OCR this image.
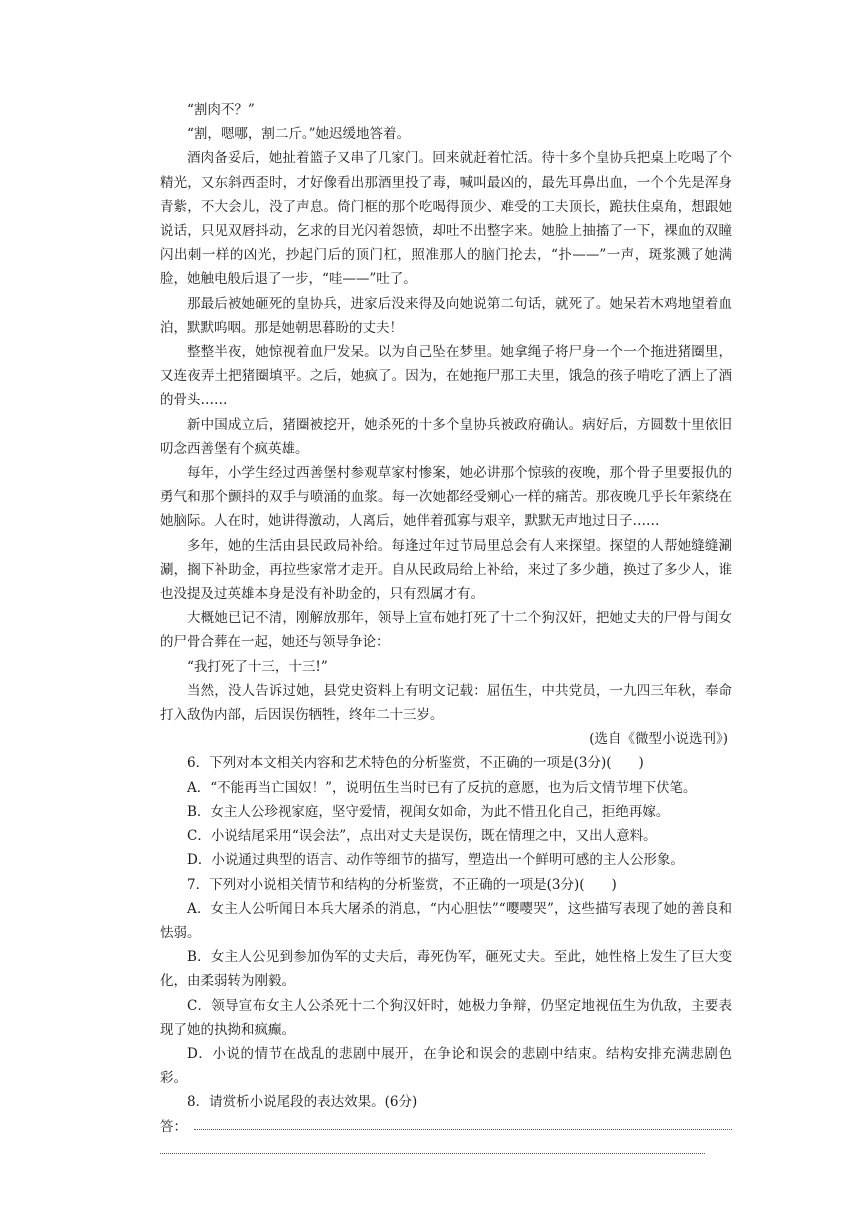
“割肉不？”

“割，嗯哪，割二斤。”她迟缓地答着。

酒肉备妥后，她扯着篮子又串了几家门。回来就赶着忙活。待十多个皇协兵把桌上吃喝了个精光，又东斜西歪时，才好像看出那酒里投了毒，喊叫最凶的，最先耳鼻出血，一个个先是浑身青紫，不大会儿，没了声息。倚门框的那个吃喝得顶少、难受的工夫顶长，跪扶住桌角，想跟她说话，只见双唇抖动，乞求的目光闪着怨愤，却吐不出整字来。她脸上抽搐了一下，裸血的双瞳闪出刺一样的凶光，抄起门后的顶门杠，照准那人的脑门抡去，“扑——”一声，斑浆溅了她满脸，她触电般后退了一步，“哇——”吐了。

那最后被她砸死的皇协兵，进家后没来得及向她说第二句话，就死了。她呆若木鸡地望着血泊，默默呜咽。那是她朝思暮盼的丈夫！

整整半夜，她惊视着血尸发呆。以为自己坠在梦里。她拿绳子将尸身一个一个拖进猪圈里，又连夜弄土把猪圈填平。之后，她疯了。因为，在她拖尸那工夫里，饿急的孩子啃吃了洒上了酒的骨头……

新中国成立后，猪圈被挖开，她杀死的十多个皇协兵被政府确认。病好后，方圆数十里依旧叨念西善堡有个疯英雄。

每年，小学生经过西善堡村参观草家村惨案，她必讲那个惊骇的夜晚，那个骨子里要报仇的勇气和那个颤抖的双手与喷涌的血浆。每一次她都经受剜心一样的痛苦。那夜晚几乎长年萦绕在她脑际。人在时，她讲得激动，人离后，她伴着孤寡与艰辛，默默无声地过日子……

多年，她的生活由县民政局补给。每逢过年过节局里总会有人来探望。探望的人帮她缝缝涮涮，搁下补助金，再拉些家常才走开。自从民政局给上补给，来过了多少趟，换过了多少人，谁也没提及过英雄本身是没有补助金的，只有烈属才有。

大概她已记不清，刚解放那年，领导上宣布她打死了十二个狗汉奸，把她丈夫的尸骨与闺女的尸骨合葬在一起，她还与领导争论：

“我打死了十三，十三!”

当然，没人告诉过她，县党史资料上有明文记载：屈伍生，中共党员，一九四三年秋，奉命打入敌伪内部，后因误伤牺牲，终年二十三岁。

(选自《微型小说选刊》)

6．下列对本文相关内容和艺术特色的分析鉴赏，不正确的一项是(3分)(　　)

A．“不能再当亡国奴！”，说明伍生当时已有了反抗的意愿，也为后文情节埋下伏笔。

B．女主人公珍视家庭，坚守爱情，视闺女如命，为此不惜丑化自己，拒绝再嫁。

C．小说结尾采用“误会法”，点出对丈夫是误伤，既在情理之中，又出人意料。

D．小说通过典型的语言、动作等细节的描写，塑造出一个鲜明可感的主人公形象。

7．下列对小说相关情节和结构的分析鉴赏，不正确的一项是(3分)(　　)

A．女主人公听闻日本兵大屠杀的消息，“内心胆怯”“嘤嘤哭”，这些描写表现了她的善良和怯弱。

B．女主人公见到参加伪军的丈夫后，毒死伪军，砸死丈夫。至此，她性格上发生了巨大变化，由柔弱转为刚毅。

C．领导宣布女主人公杀死十二个狗汉奸时，她极力争辩，仍坚定地视伍生为仇敌，主要表现了她的执拗和疯癫。

D．小说的情节在战乱的悲剧中展开，在争论和误会的悲剧中结束。结构安排充满悲剧色彩。

8．请赏析小说尾段的表达效果。(6分)

答：
